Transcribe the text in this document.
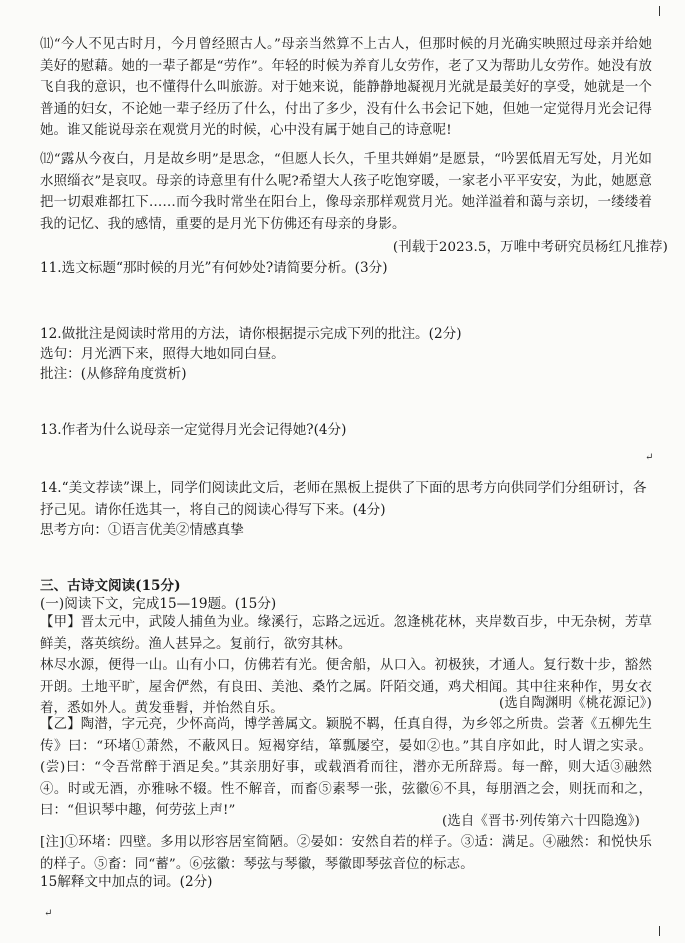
⑾“今人不见古时月，今月曾经照古人。”母亲当然算不上古人，但那时候的月光确实映照过母亲并给她美好的慰藉。她的一辈子都是“劳作”。年轻的时候为养育儿女劳作，老了又为帮助儿女劳作。她没有放飞自我的意识，也不懂得什么叫旅游。对于她来说，能静静地凝视月光就是最美好的享受，她就是一个普通的妇女，不论她一辈子经历了什么，付出了多少，没有什么书会记下她，但她一定觉得月光会记得她。谁又能说母亲在观赏月光的时候，心中没有属于她自己的诗意呢!

⑿“露从今夜白，月是故乡明”是思念，“但愿人长久，千里共婵娟”是愿景，“吟罢低眉无写处，月光如水照缁衣”是哀叹。母亲的诗意里有什么呢?希望大人孩子吃饱穿暖，一家老小平平安安，为此，她愿意把一切艰难都扛下……而今我时常坐在阳台上，像母亲那样观赏月光。她洋溢着和蔼与亲切，一缕缕着我的记忆、我的感情，重要的是月光下仿佛还有母亲的身影。

(刊载于2023.5，万唯中考研究员杨红凡推荐)

11.选文标题“那时候的月光”有何妙处?请简要分析。(3分)

12.做批注是阅读时常用的方法，请你根据提示完成下列的批注。(2分)

选句：月光洒下来，照得大地如同白昼。

批注：(从修辞角度赏析)

13.作者为什么说母亲一定觉得月光会记得她?(4分)

14.“美文荐读”课上，同学们阅读此文后，老师在黑板上提供了下面的思考方向供同学们分组研讨，各抒己见。请你任选其一，将自己的阅读心得写下来。(4分)

思考方向：①语言优美②情感真挚

三、古诗文阅读(15分)

(一)阅读下文，完成15—19题。(15分)

【甲】晋太元中，武陵人捕鱼为业。缘溪行，忘路之远近。忽逢桃花林，夹岸数百步，中无杂树，芳草鲜美，落英缤纷。渔人甚异之。复前行，欲穷其林。

林尽水源，便得一山。山有小口，仿佛若有光。便舍船，从口入。初极狭，才通人。复行数十步，豁然开朗。土地平旷，屋舍俨然，有良田、美池、桑竹之属。阡陌交通，鸡犬相闻。其中往来种作，男女衣着，悉如外人。黄发垂髫，并怡然自乐。	(选自陶渊明《桃花源记》)

【乙】陶潜，字元亮，少怀高尚，博学善属文。颖脱不羁，任真自得，为乡邻之所贵。尝著《五柳先生传》曰：“环堵①萧然，不蔽风日。短褐穿结，箪瓢屡空，晏如②也。”其自序如此，时人谓之实录。(尝)曰：“令吾常醉于酒足矣。”其亲朋好事，或载酒肴而往，潜亦无所辞焉。每一醉，则大适③融然④。时或无酒，亦雅咏不辍。性不解音，而畜⑤素琴一张，弦徽⑥不具，每朋酒之会，则抚而和之，曰：“但识琴中趣，何劳弦上声!”

(选自《晋书·列传第六十四隐逸》)

[注]①环堵：四壁。多用以形容居室简陋。②晏如：安然自若的样子。③适：满足。④融然：和悦快乐的样子。⑤畜：同“蓄”。⑥弦徽：琴弦与琴徽，琴徽即琴弦音位的标志。

15解释文中加点的词。(2分)

↵
↵
